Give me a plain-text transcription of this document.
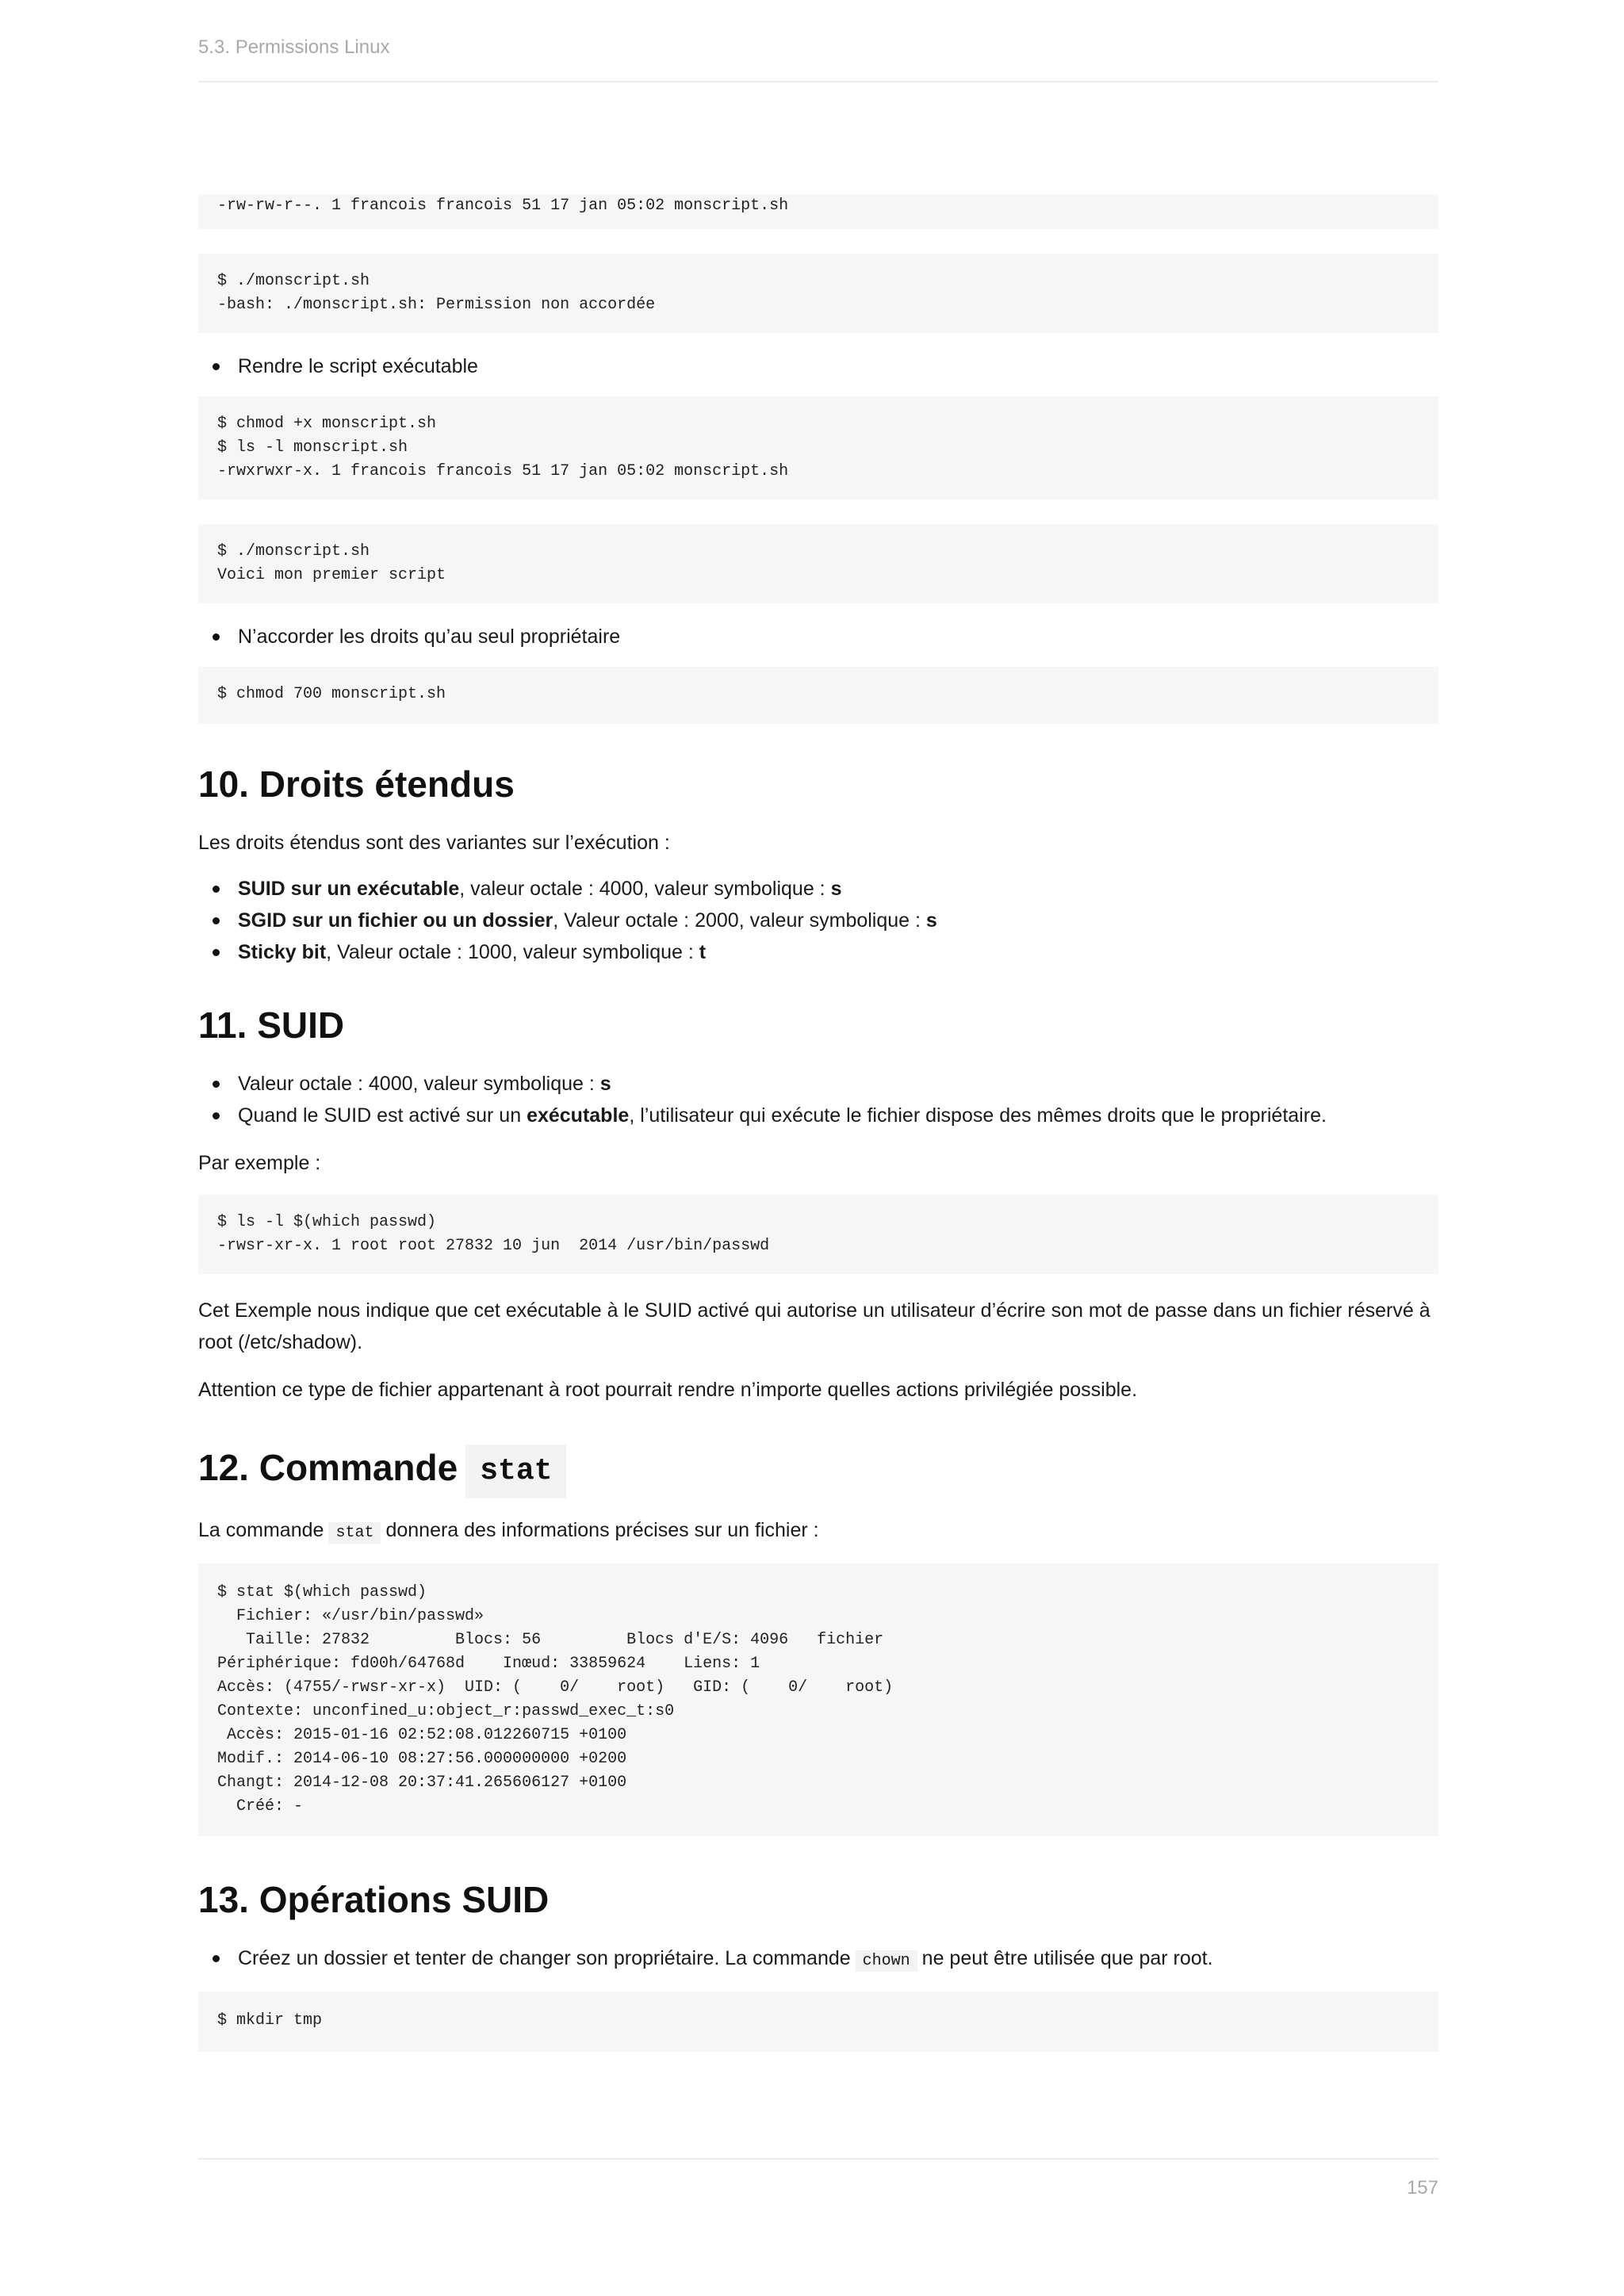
5.3. Permissions Linux
-rw-rw-r--. 1 francois francois 51 17 jan 05:02 monscript.sh
$ ./monscript.sh
-bash: ./monscript.sh: Permission non accordée
Rendre le script exécutable
$ chmod +x monscript.sh
$ ls -l monscript.sh
-rwxrwxr-x. 1 francois francois 51 17 jan 05:02 monscript.sh
$ ./monscript.sh
Voici mon premier script
N’accorder les droits qu’au seul propriétaire
$ chmod 700 monscript.sh
10. Droits étendus

Les droits étendus sont des variantes sur l’exécution :

SUID sur un exécutable, valeur octale : 4000, valeur symbolique : s
SGID sur un fichier ou un dossier, Valeur octale : 2000, valeur symbolique : s
Sticky bit, Valeur octale : 1000, valeur symbolique : t
11. SUID
Valeur octale : 4000, valeur symbolique : s
Quand le SUID est activé sur un exécutable, l’utilisateur qui exécute le fichier dispose des mêmes droits que le propriétaire.

Par exemple :

$ ls -l $(which passwd)
-rwsr-xr-x. 1 root root 27832 10 jun  2014 /usr/bin/passwd

Cet Exemple nous indique que cet exécutable à le SUID activé qui autorise un utilisateur d’écrire son mot de passe dans un fichier réservé à root (/etc/shadow).

Attention ce type de fichier appartenant à root pourrait rendre n’importe quelles actions privilégiée possible.

12. Commande stat

La commande stat donnera des informations précises sur un fichier :

$ stat $(which passwd)
Fichier: «/usr/bin/passwd»
Taille: 27832         Blocs: 56         Blocs d'E/S: 4096   fichier
Périphérique: fd00h/64768d    Inœud: 33859624    Liens: 1
Accès: (4755/-rwsr-xr-x)  UID: (    0/    root)   GID: (    0/    root)
Contexte: unconfined_u:object_r:passwd_exec_t:s0
Accès: 2015-01-16 02:52:08.012260715 +0100
Modif.: 2014-06-10 08:27:56.000000000 +0200
Changt: 2014-12-08 20:37:41.265606127 +0100
Créé: -
13. Opérations SUID
Créez un dossier et tenter de changer son propriétaire. La commande chown ne peut être utilisée que par root.
$ mkdir tmp
157
